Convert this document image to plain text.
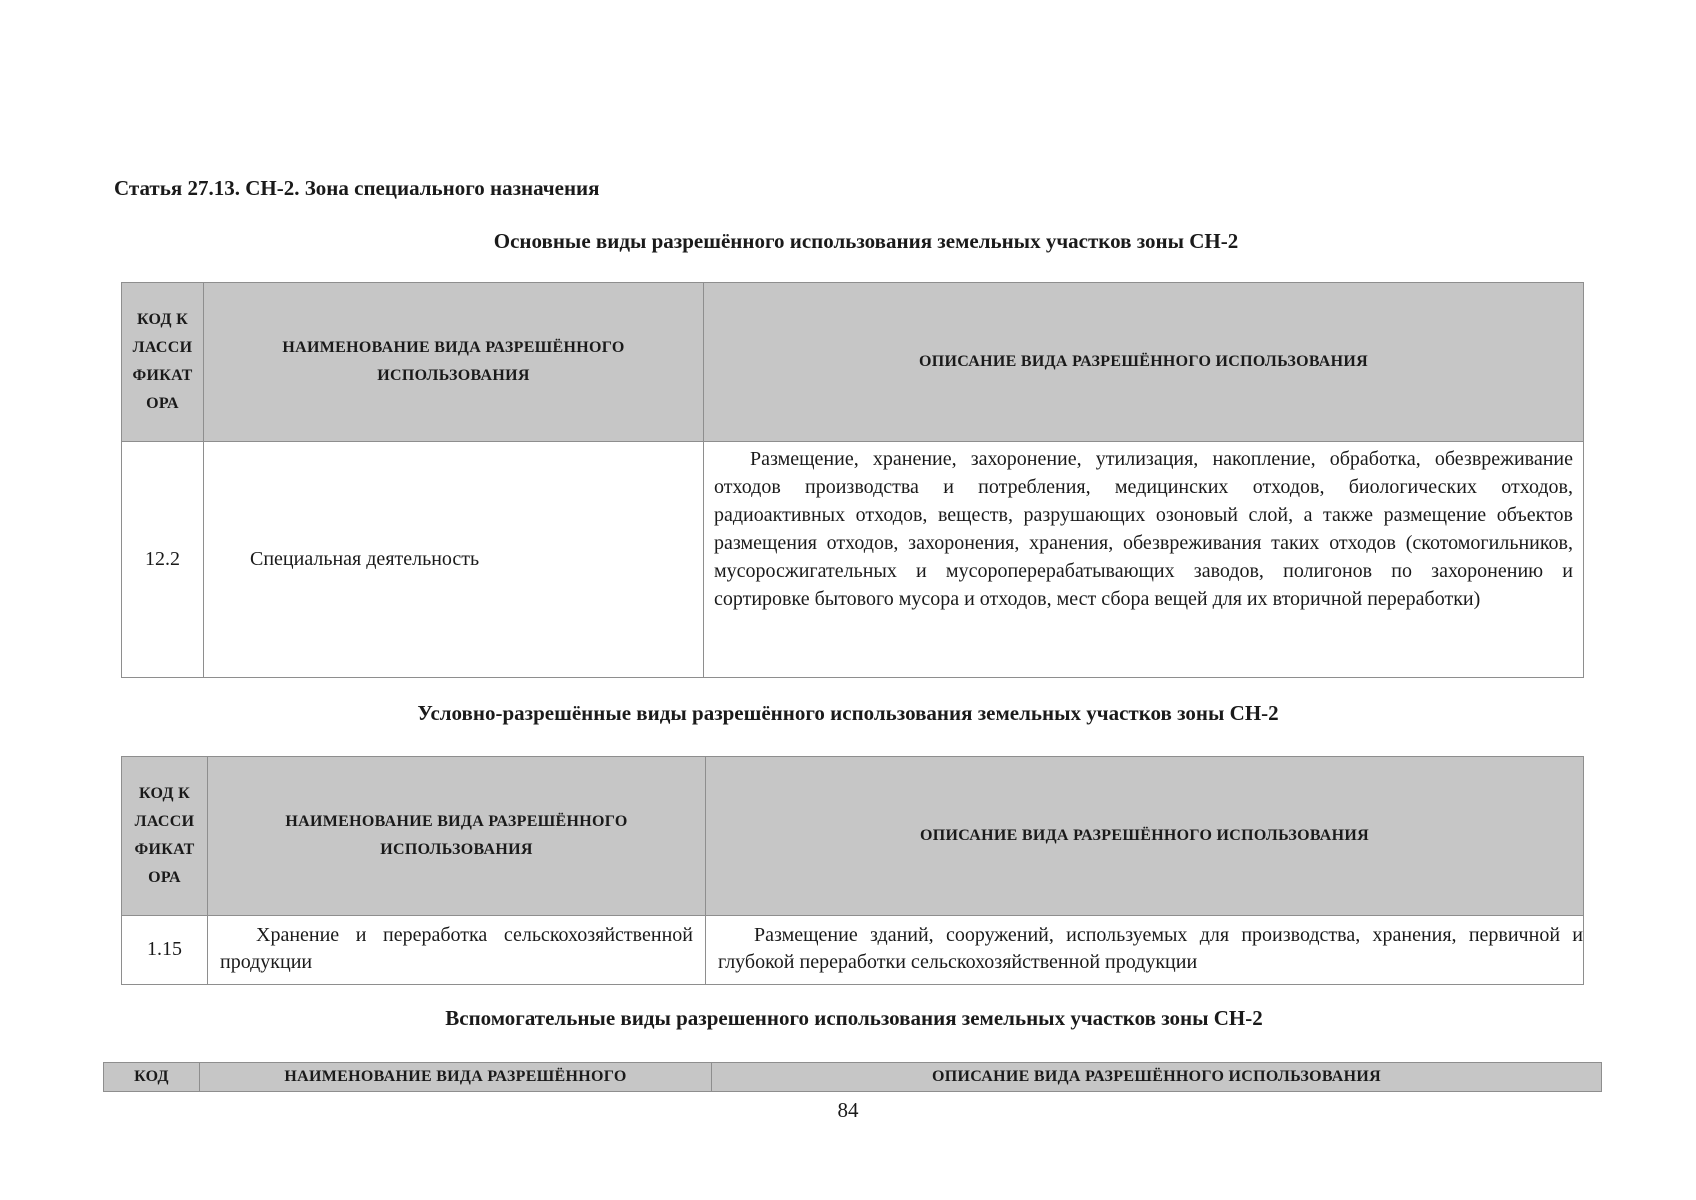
Статья 27.13. СН-2. Зона специального назначения
Основные виды разрешённого использования земельных участков зоны СН-2
КОД КЛАССИФИКАТОРА	НАИМЕНОВАНИЕ ВИДА РАЗРЕШЁННОГО ИСПОЛЬЗОВАНИЯ	ОПИСАНИЕ ВИДА РАЗРЕШЁННОГО ИСПОЛЬЗОВАНИЯ
12.2	Специальная деятельность	Размещение, хранение, захоронение, утилизация, накопление, обработка, обезвреживание отходов производства и потребления, медицинских отходов, биологических отходов, радиоактивных отходов, веществ, разрушающих озоновый слой, а также размещение объектов размещения отходов, захоронения, хранения, обезвреживания таких отходов (скотомогильников, мусоросжигательных и мусороперерабатывающих заводов, полигонов по захоронению и сортировке бытового мусора и отходов, мест сбора вещей для их вторичной переработки)

Условно-разрешённые виды разрешённого использования земельных участков зоны СН-2
КОД КЛАССИФИКАТОРА	НАИМЕНОВАНИЕ ВИДА РАЗРЕШЁННОГО ИСПОЛЬЗОВАНИЯ	ОПИСАНИЕ ВИДА РАЗРЕШЁННОГО ИСПОЛЬЗОВАНИЯ
1.15	Хранение и переработка сельскохозяйственной продукции	Размещение зданий, сооружений, используемых для производства, хранения, первичной и глубокой переработки сельскохозяйственной продукции

Вспомогательные виды разрешенного использования земельных участков зоны СН-2
КОД	НАИМЕНОВАНИЕ ВИДА РАЗРЕШЁННОГО	ОПИСАНИЕ ВИДА РАЗРЕШЁННОГО ИСПОЛЬЗОВАНИЯ
84
